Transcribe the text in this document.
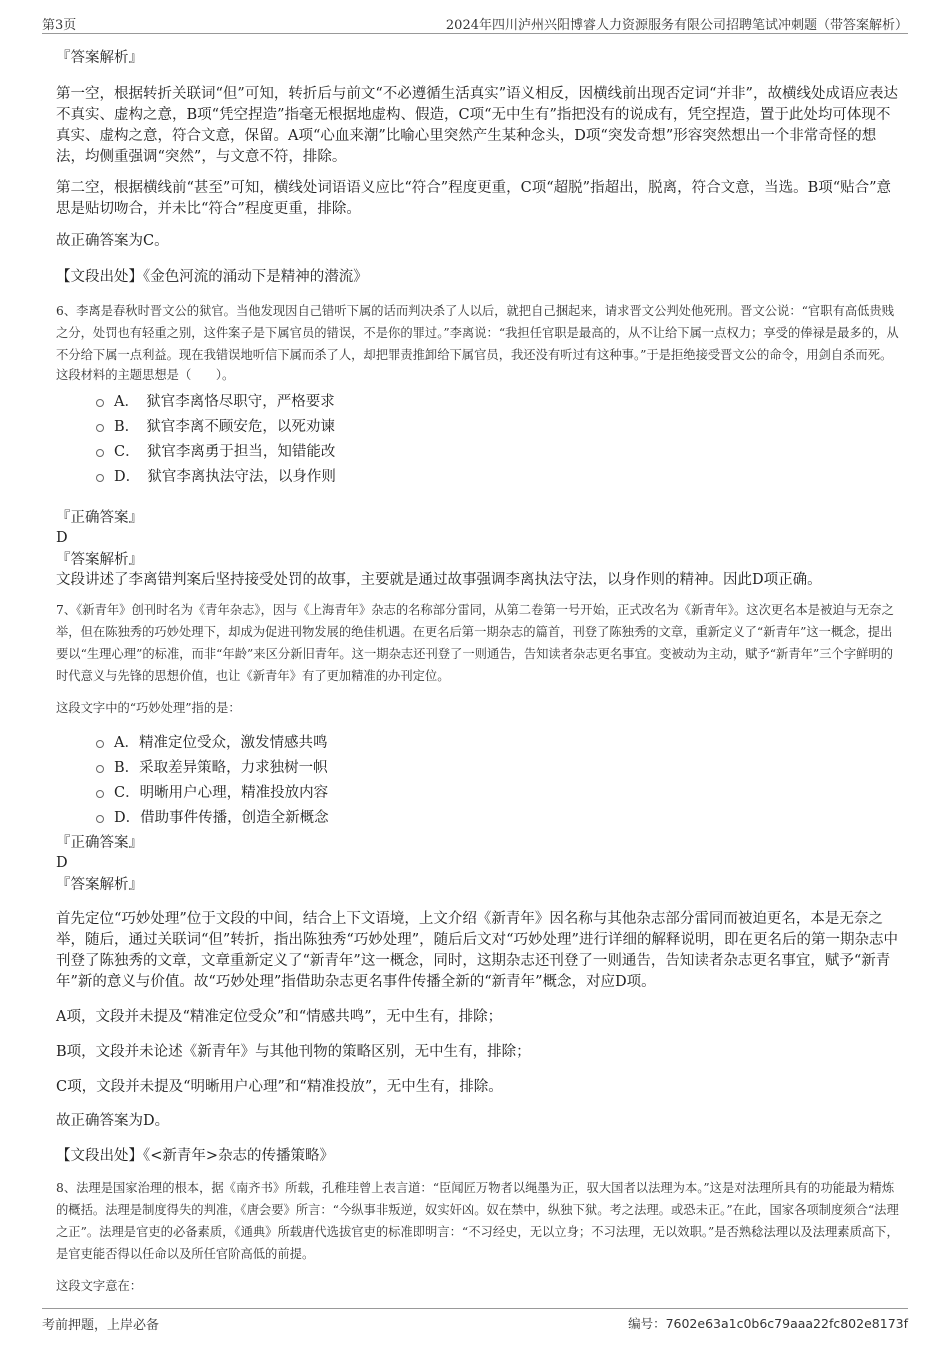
第3页	2024年四川泸州兴阳博睿人力资源服务有限公司招聘笔试冲刺题（带答案解析）

『答案解析』

第一空，根据转折关联词“但”可知，转折后与前文“不必遵循生活真实”语义相反，因横线前出现否定词“并非”，故横线处成语应表达不真实、虚构之意，B项“凭空捏造”指毫无根据地虚构、假造，C项“无中生有”指把没有的说成有，凭空捏造，置于此处均可体现不真实、虚构之意，符合文意，保留。A项“心血来潮”比喻心里突然产生某种念头，D项“突发奇想”形容突然想出一个非常奇怪的想法，均侧重强调“突然”，与文意不符，排除。

第二空，根据横线前“甚至”可知，横线处词语语义应比“符合”程度更重，C项“超脱”指超出，脱离，符合文意，当选。B项“贴合”意思是贴切吻合，并未比“符合”程度更重，排除。

故正确答案为C。

【文段出处】《金色河流的涌动下是精神的潜流》

6、李离是春秋时晋文公的狱官。当他发现因自己错听下属的话而判决杀了人以后，就把自己捆起来，请求晋文公判处他死刑。晋文公说：“官职有高低贵贱之分，处罚也有轻重之别，这件案子是下属官员的错误，不是你的罪过。”李离说：“我担任官职是最高的，从不让给下属一点权力；享受的俸禄是最多的，从不分给下属一点利益。现在我错误地听信下属而杀了人，却把罪责推卸给下属官员，我还没有听过有这种事。”于是拒绝接受晋文公的命令，用剑自杀而死。

这段材料的主题思想是（　　）。

A．　狱官李离恪尽职守，严格要求
B．　狱官李离不顾安危，以死劝谏
C．　狱官李离勇于担当，知错能改
D．　狱官李离执法守法，以身作则

『正确答案』

D

『答案解析』

文段讲述了李离错判案后坚持接受处罚的故事，主要就是通过故事强调李离执法守法，以身作则的精神。因此D项正确。

7、《新青年》创刊时名为《青年杂志》，因与《上海青年》杂志的名称部分雷同，从第二卷第一号开始，正式改名为《新青年》。这次更名本是被迫与无奈之举，但在陈独秀的巧妙处理下，却成为促进刊物发展的绝佳机遇。在更名后第一期杂志的篇首，刊登了陈独秀的文章，重新定义了“新青年”这一概念，提出要以“生理心理”的标准，而非“年龄”来区分新旧青年。这一期杂志还刊登了一则通告，告知读者杂志更名事宜。变被动为主动，赋予“新青年”三个字鲜明的时代意义与先锋的思想价值，也让《新青年》有了更加精准的办刊定位。

这段文字中的“巧妙处理”指的是：

A．精准定位受众，激发情感共鸣
B．采取差异策略，力求独树一帜
C．明晰用户心理，精准投放内容
D．借助事件传播，创造全新概念

『正确答案』

D

『答案解析』

首先定位“巧妙处理”位于文段的中间，结合上下文语境，上文介绍《新青年》因名称与其他杂志部分雷同而被迫更名，本是无奈之举，随后，通过关联词“但”转折，指出陈独秀“巧妙处理”，随后后文对“巧妙处理”进行详细的解释说明，即在更名后的第一期杂志中刊登了陈独秀的文章，文章重新定义了“新青年”这一概念，同时，这期杂志还刊登了一则通告，告知读者杂志更名事宜，赋予“新青年”新的意义与价值。故“巧妙处理”指借助杂志更名事件传播全新的“新青年”概念，对应D项。

A项，文段并未提及“精准定位受众”和“情感共鸣”，无中生有，排除；

B项，文段并未论述《新青年》与其他刊物的策略区别，无中生有，排除；

C项，文段并未提及“明晰用户心理”和“精准投放”，无中生有，排除。

故正确答案为D。

【文段出处】《<新青年>杂志的传播策略》

8、法理是国家治理的根本，据《南齐书》所载，孔稚珪曾上表言道：“臣闻匠万物者以绳墨为正，驭大国者以法理为本。”这是对法理所具有的功能最为精炼的概括。法理是制度得失的判准，《唐会要》所言：“今纵事非叛逆，奴实奸凶。奴在禁中，纵独下狱。考之法理。或恐未正。”在此，国家各项制度须合“法理之正”。法理是官吏的必备素质，《通典》所载唐代选拔官吏的标准即明言：“不习经史，无以立身；不习法理，无以效职。”是否熟稔法理以及法理素质高下，是官吏能否得以任命以及所任官阶高低的前提。

这段文字意在：

考前押题，上岸必备	编号：7602e63a1c0b6c79aaa22fc802e8173f
